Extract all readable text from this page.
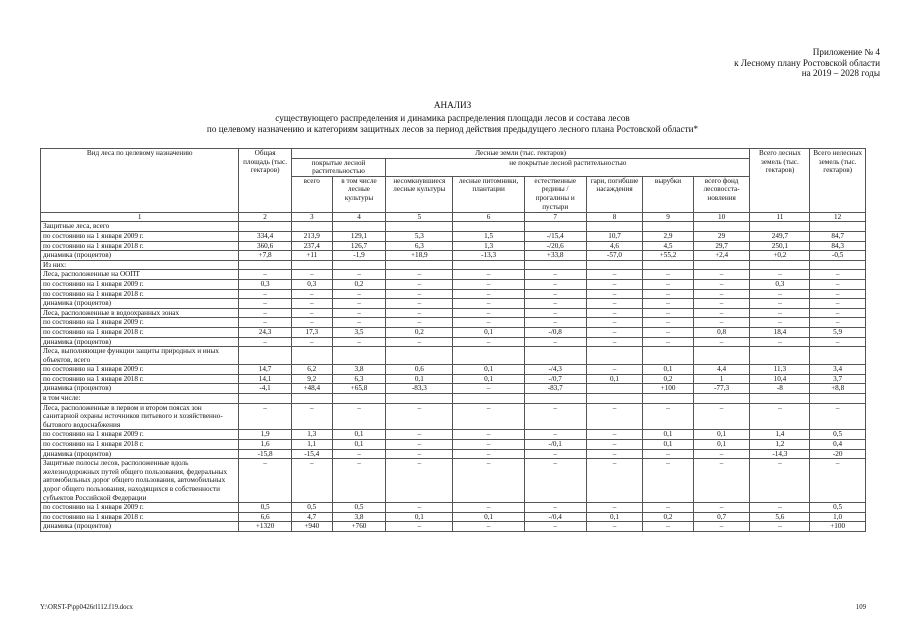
Приложение № 4
к Лесному плану Ростовской области
на 2019 – 2028 годы
АНАЛИЗ
существующего распределения и динамика распределения площади лесов и состава лесов
по целевому назначению и категориям защитных лесов за период действия предыдущего лесного плана Ростовской области*
Вид леса по целевому назначению	Общая площадь (тыс. гектаров)	Лесные земли (тыс. гектаров)								Всего лесных земель (тыс. гектаров)	Всего нелесных земель (тыс. гектаров)
		покрытые лесной растительностью		не покрытые лесной растительностью							
		всего	в том числе лесные культуры	несомкнувшиеся лесные культуры	лесные питомники, плантации	естественные редины / прогалины и пустыри	гари, погибшие насаждения	вырубки	всего фонд лесовосста-новления		
1	2	3	4	5	6	7	8	9	10	11	12
Защитные леса, всего											
по состоянию на 1 января 2009 г.	334,4	213,9	129,1	5,3	1,5	-/15,4	10,7	2,9	29	249,7	84,7
по состоянию на 1 января 2018 г.	360,6	237,4	126,7	6,3	1,3	-/20,6	4,6	4,5	29,7	250,1	84,3
динамика (процентов)	+7,8	+11	-1,9	+18,9	-13,3	+33,8	-57,0	+55,2	+2,4	+0,2	-0,5
Из них:											
Леса, расположенные на ООПТ	–	–	–	–	–	–	–	–	–	–	–
по состоянию на 1 января 2009 г.	0,3	0,3	0,2	–	–	–	–	–	–	0,3	–
по состоянию на 1 января 2018 г.	–	–	–	–	–	–	–	–	–	–	–
динамика (процентов)	–	–	–	–	–	–	–	–	–	–	–
Леса, расположенные в водоохранных зонах	–	–	–	–	–	–	–	–	–	–	–
по состоянию на 1 января 2009 г.	–	–	–	–	–	–	–	–	–	–	–
по состоянию на 1 января 2018 г.	24,3	17,3	3,5	0,2	0,1	-/0,8	–	–	0,8	18,4	5,9
динамика (процентов)	–	–	–	–	–	–	–	–	–	–	–
Леса, выполняющие функции защиты природных и иных объектов, всего											
по состоянию на 1 января 2009 г.	14,7	6,2	3,8	0,6	0,1	-/4,3	–	0,1	4,4	11,3	3,4
по состоянию на 1 января 2018 г.	14,1	9,2	6,3	0,1	0,1	-/0,7	0,1	0,2	1	10,4	3,7
динамика (процентов)	-4,1	+48,4	+65,8	-83,3	–	-83,7		+100	-77,3	-8	+8,8
в том числе:											
Леса, расположенные в первом и втором поясах зон санитарной охраны источников питьевого и хозяйственно-бытового водоснабжения	–	–	–	–	–	–	–	–	–	–	–
по состоянию на 1 января 2009 г.	1,9	1,3	0,1	–	–	–	–	0,1	0,1	1,4	0,5
по состоянию на 1 января 2018 г.	1,6	1,1	0,1	–	–	-/0,1	–	0,1	0,1	1,2	0,4
динамика (процентов)	-15,8	-15,4	–	–	–	–	–	–	–	-14,3	-20
Защитные полосы лесов, расположенные вдоль железнодорожных путей общего пользования, федеральных автомобильных дорог общего пользования, автомобильных дорог общего пользования, находящихся в собственности субъектов Российской Федерации	–	–	–	–	–	–	–	–	–	–	–
по состоянию на 1 января 2009 г.	0,5	0,5	0,5	–	–	–	–	–	–	–	0,5
по состоянию на 1 января 2018 г.	6,6	4,7	3,8	0,1	0,1	-/0,4	0,1	0,2	0,7	5,6	1,0
динамика (процентов)	+1320	+940	+760	–	–	–	–	–	–	–	+100
Y:\ORST-P\pp0426rl112.f19.docx	109
